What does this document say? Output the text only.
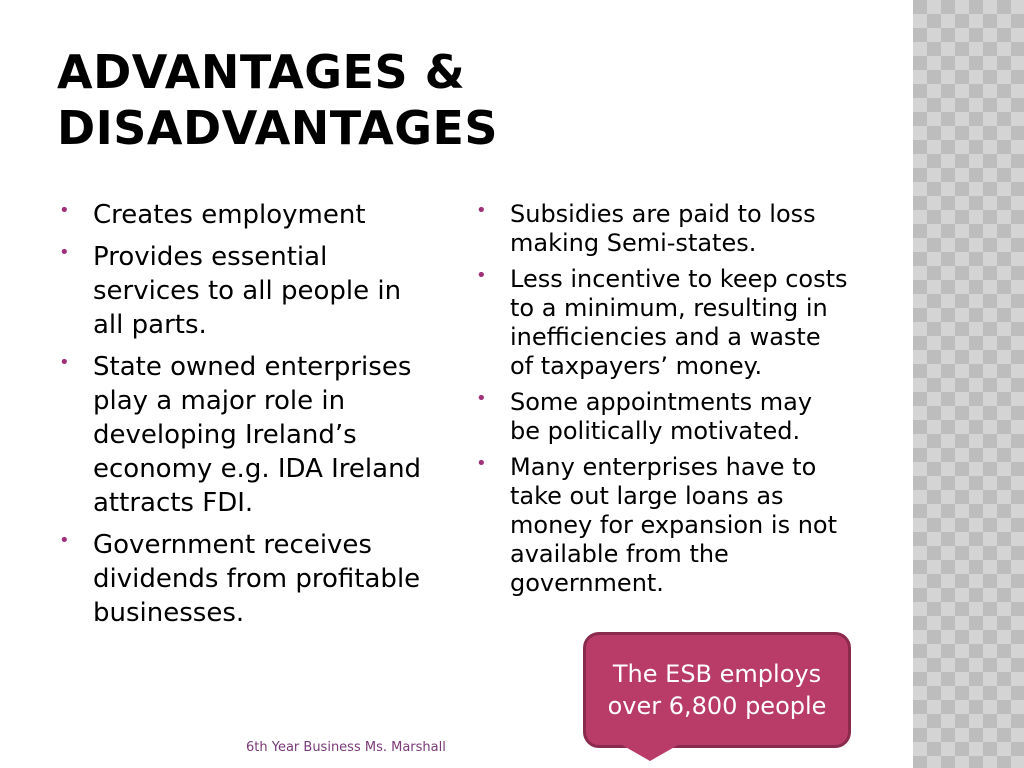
ADVANTAGES &
DISADVANTAGES
• Creates employment
• Provides essential services to all people in all parts.
• State owned enterprises play a major role in developing Ireland’s economy e.g. IDA Ireland attracts FDI.
• Government receives dividends from profitable businesses.
• Subsidies are paid to loss making Semi-states.
• Less incentive to keep costs to a minimum, resulting in inefficiencies and a waste of taxpayers’ money.
• Some appointments may be politically motivated.
• Many enterprises have to take out large loans as money for expansion is not available from the government.
The ESB employs
over 6,800 people
6th Year Business Ms. Marshall
